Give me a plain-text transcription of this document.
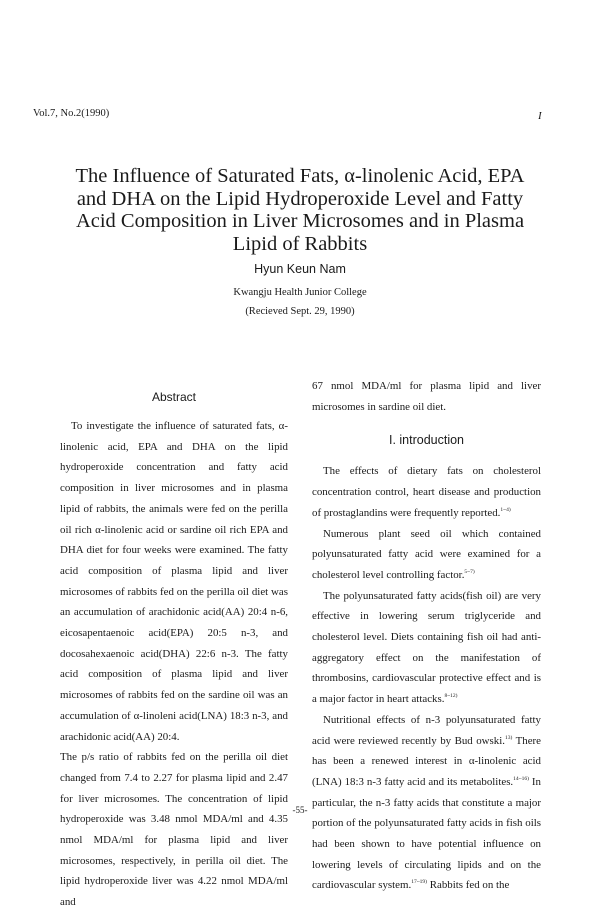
Vol.7, No.2(1990)	I
The Influence of Saturated Fats, α-linolenic Acid, EPA and DHA on the Lipid Hydroperoxide Level and Fatty Acid Composition in Liver Microsomes and in Plasma Lipid of Rabbits
Hyun Keun Nam
Kwangju Health Junior College
(Recieved Sept. 29, 1990)
Abstract

To investigate the influence of saturated fats, α-linolenic acid, EPA and DHA on the lipid hydroperoxide concentration and fatty acid composition in liver microsomes and in plasma lipid of rabbits, the animals were fed on the perilla oil rich α-linolenic acid or sardine oil rich EPA and DHA diet for four weeks were examined. The fatty acid composition of plasma lipid and liver microsomes of rabbits fed on the perilla oil diet was an accumulation of arachidonic acid(AA) 20:4 n-6, eicosapentaenoic acid(EPA) 20:5 n-3, and docosahexaenoic acid(DHA) 22:6 n-3. The fatty acid composition of plasma lipid and liver microsomes of rabbits fed on the sardine oil was an accumulation of α-linoleni acid(LNA) 18:3 n-3, and arachidonic acid(AA) 20:4.

The p/s ratio of rabbits fed on the perilla oil diet changed from 7.4 to 2.27 for plasma lipid and 2.47 for liver microsomes. The concentration of lipid hydroperoxide was 3.48 nmol MDA/ml and 4.35 nmol MDA/ml for plasma lipid and liver microsomes, respectively, in perilla oil diet. The lipid hydroperoxide liver was 4.22 nmol MDA/ml and

67 nmol MDA/ml for plasma lipid and liver microsomes in sardine oil diet.

I. introduction

The effects of dietary fats on cholesterol concentration control, heart disease and production of prostaglandins were frequently reported.$^{1\sim 4)}$

Numerous plant seed oil which contained polyunsaturated fatty acid were examined for a cholesterol level controlling factor.$^{5\sim 7)}$

The polyunsaturated fatty acids(fish oil) are very effective in lowering serum triglyceride and cholesterol level. Diets containing fish oil had anti-aggregatory effect on the manifestation of thrombosins, cardiovascular protective effect and is a major factor in heart attacks.$^{8\sim 12)}$

Nutritional effects of n-3 polyunsaturated fatty acid were reviewed recently by Bud owski.$^{13)}$ There has been a renewed interest in α-linolenic acid (LNA) 18:3 n-3 fatty acid and its metabolites.$^{14\sim 16)}$ In particular, the n-3 fatty acids that constitute a major portion of the polyunsaturated fatty acids in fish oils had been shown to have potential influence on lowering levels of circulating lipids and on the cardiovascular system.$^{17\sim 19)}$ Rabbits fed on the

-55-
